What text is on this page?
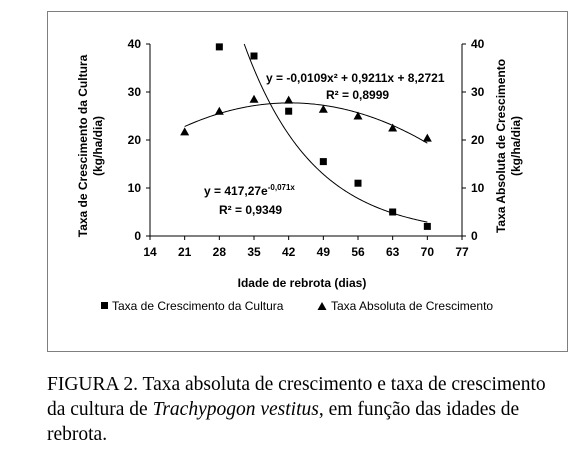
14 21 28 35 42 49 56 63 70 77
0	0
10	10
20	20
30	30
40	40
Idade de rebrota (dias)
Taxa de Crescimento da Cultura(kg/ha/dia)	Taxa Absoluta de Crescimento(kg/ha/dia)
y = -0,0109x² + 0,9211x + 8,2721
R² = 0,8999
$y = 417,27e^{-0,071x}$
R² = 0,9349
Taxa de Crescimento da Cultura	Taxa Absoluta de Crescimento
FIGURA 2. Taxa absoluta de crescimento e taxa de crescimento da cultura de Trachypogon vestitus, em função das idades de rebrota.
